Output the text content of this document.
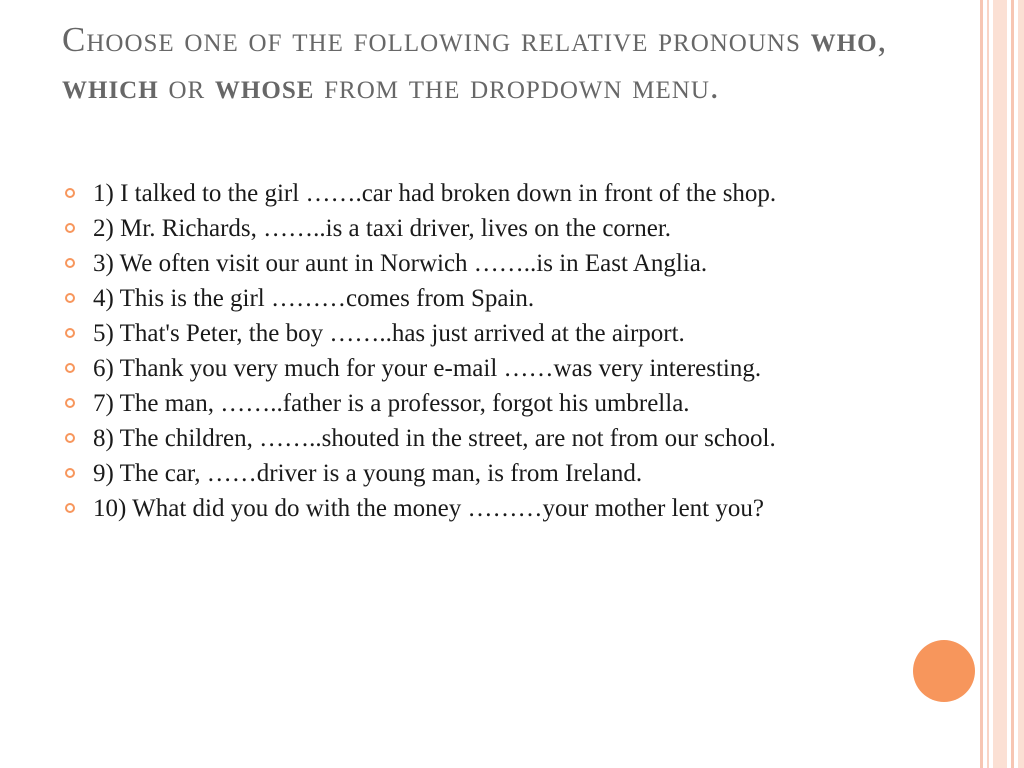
Choose one of the following relative pronouns who, which or whose from the dropdown menu.
1) I talked to the girl …….car had broken down in front of the shop.
2) Mr. Richards, ……..is a taxi driver, lives on the corner.
3) We often visit our aunt in Norwich ……..is in East Anglia.
4) This is the girl ………comes from Spain.
5) That's Peter, the boy ……..has just arrived at the airport.
6) Thank you very much for your e-mail ……was very interesting.
7) The man, ……..father is a professor, forgot his umbrella.
8) The children, ……..shouted in the street, are not from our school.
9) The car, ……driver is a young man, is from Ireland.
10) What did you do with the money ………your mother lent you?
